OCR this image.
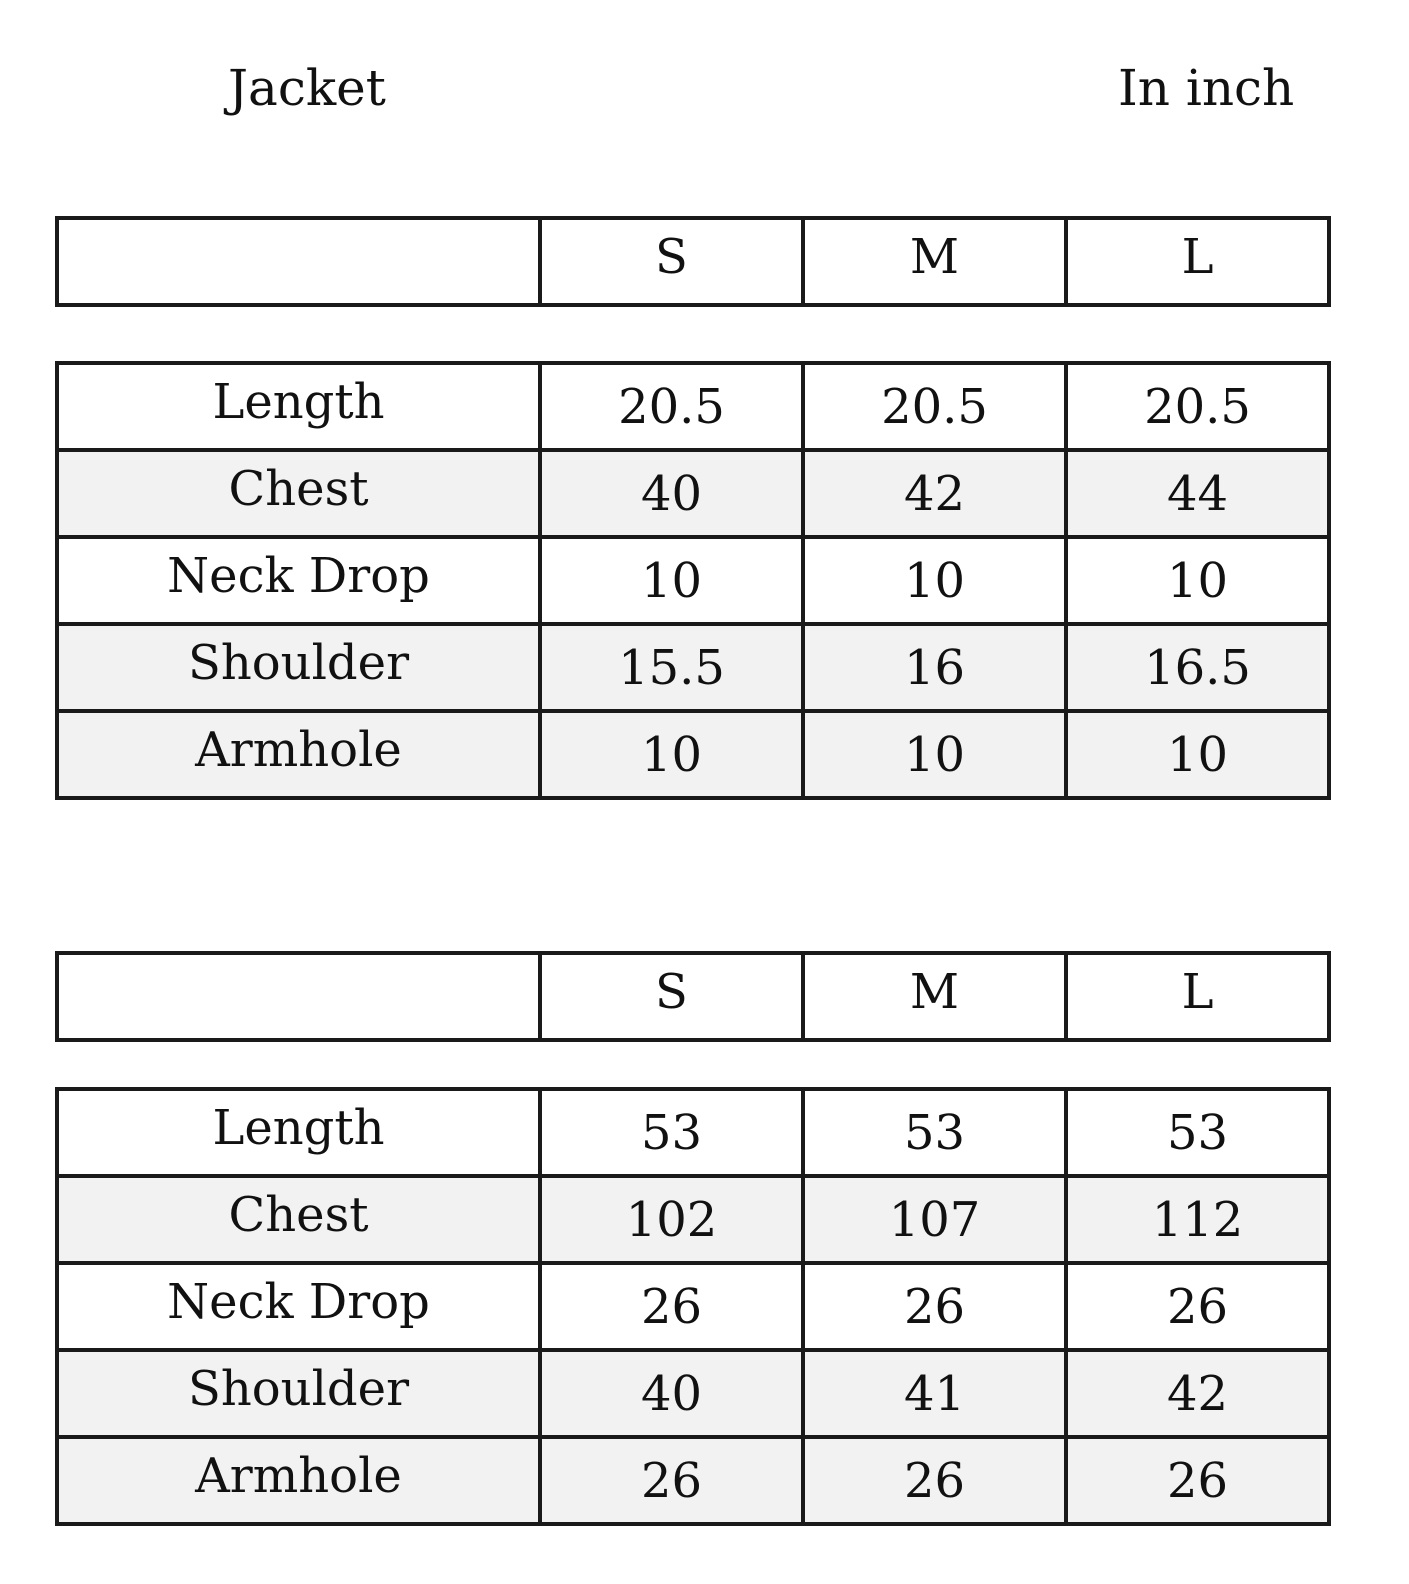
Jacket	In inch
	S	M	L
Length	20.5	20.5	20.5
Chest	40	42	44
Neck Drop	10	10	10
Shoulder	15.5	16	16.5
Armhole	10	10	10
	S	M	L
Length	53	53	53
Chest	102	107	112
Neck Drop	26	26	26
Shoulder	40	41	42
Armhole	26	26	26
